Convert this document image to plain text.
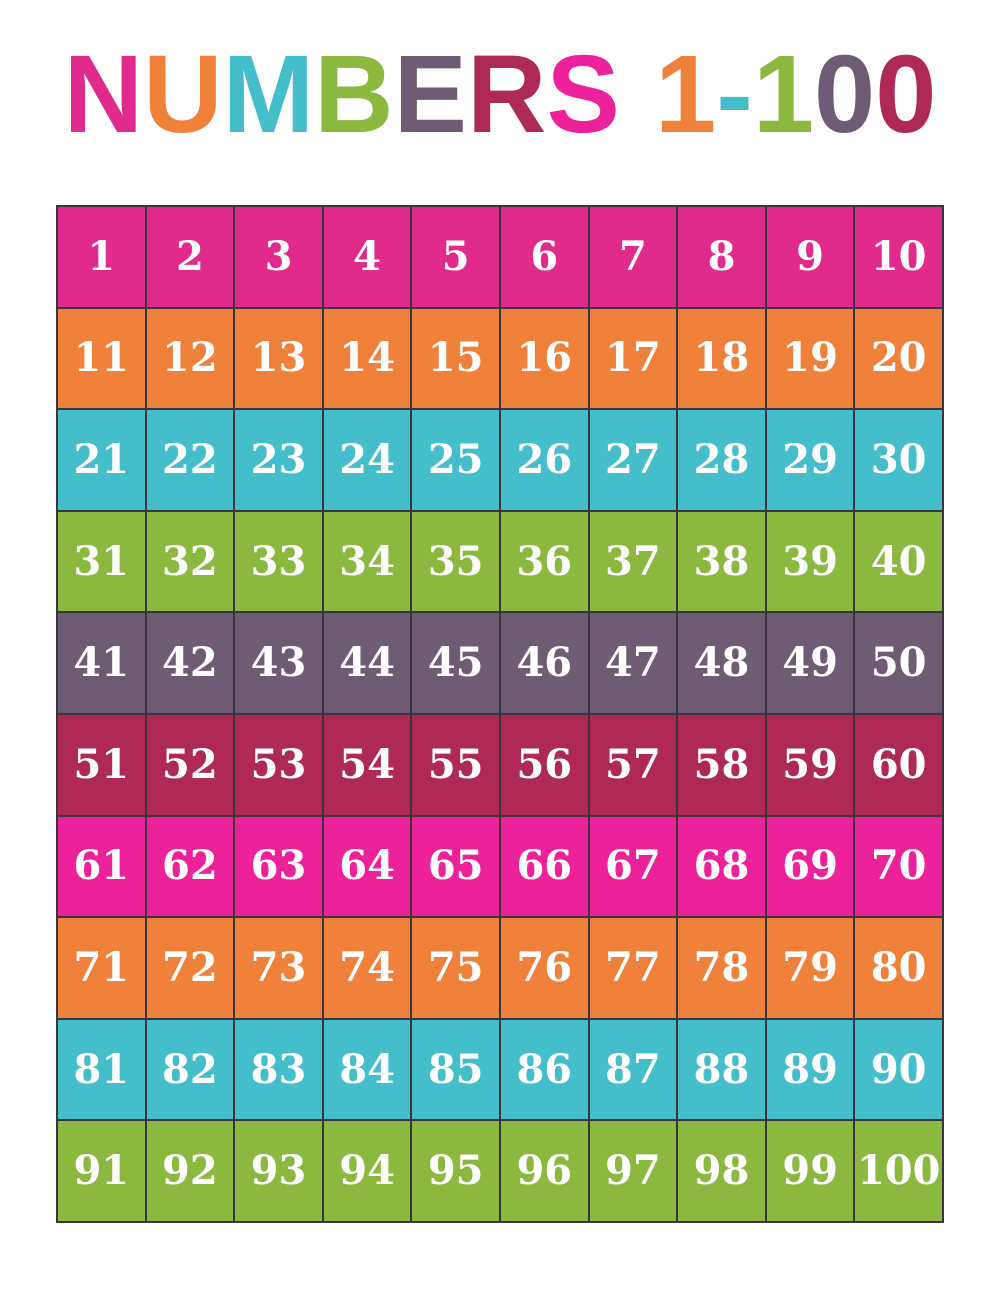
NUMBERS 1-100
1	2	3	4	5	6	7	8	9	10
11 12 13 14 15 16 17 18 19 20
21 22 23 24 25 26 27 28 29 30
31 32 33 34 35 36 37 38 39 40
41 42 43 44 45 46 47 48 49 50
51 52 53 54 55 56 57 58 59 60
61 62 63 64 65 66 67 68 69 70
71 72 73 74 75 76 77 78 79 80
81 82 83 84 85 86 87 88 89 90
91 92 93 94 95 96 97 98 99 100
